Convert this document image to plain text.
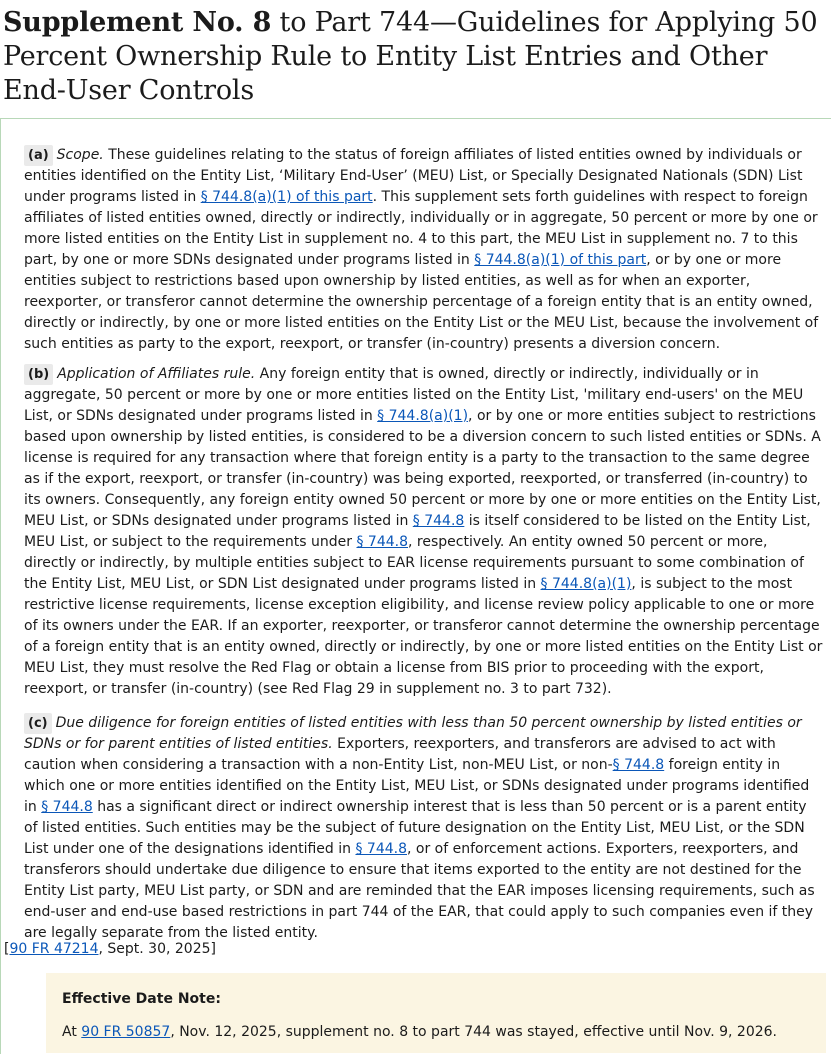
Supplement No. 8 to Part 744—Guidelines for Applying 50 Percent Ownership Rule to Entity List Entries and Other End-User Controls

(a) Scope. These guidelines relating to the status of foreign affiliates of listed entities owned by individuals or entities identified on the Entity List, ‘Military End-User’ (MEU) List, or Specially Designated Nationals (SDN) List under programs listed in § 744.8(a)(1) of this part. This supplement sets forth guidelines with respect to foreign affiliates of listed entities owned, directly or indirectly, individually or in aggregate, 50 percent or more by one or more listed entities on the Entity List in supplement no. 4 to this part, the MEU List in supplement no. 7 to this part, by one or more SDNs designated under programs listed in § 744.8(a)(1) of this part, or by one or more entities subject to restrictions based upon ownership by listed entities, as well as for when an exporter, reexporter, or transferor cannot determine the ownership percentage of a foreign entity that is an entity owned, directly or indirectly, by one or more listed entities on the Entity List or the MEU List, because the involvement of such entities as party to the export, reexport, or transfer (in-country) presents a diversion concern.

(b) Application of Affiliates rule. Any foreign entity that is owned, directly or indirectly, individually or in aggregate, 50 percent or more by one or more entities listed on the Entity List, 'military end-users' on the MEU List, or SDNs designated under programs listed in § 744.8(a)(1), or by one or more entities subject to restrictions based upon ownership by listed entities, is considered to be a diversion concern to such listed entities or SDNs. A license is required for any transaction where that foreign entity is a party to the transaction to the same degree as if the export, reexport, or transfer (in-country) was being exported, reexported, or transferred (in-country) to its owners. Consequently, any foreign entity owned 50 percent or more by one or more entities on the Entity List, MEU List, or SDNs designated under programs listed in § 744.8 is itself considered to be listed on the Entity List, MEU List, or subject to the requirements under § 744.8, respectively. An entity owned 50 percent or more, directly or indirectly, by multiple entities subject to EAR license requirements pursuant to some combination of the Entity List, MEU List, or SDN List designated under programs listed in § 744.8(a)(1), is subject to the most restrictive license requirements, license exception eligibility, and license review policy applicable to one or more of its owners under the EAR. If an exporter, reexporter, or transferor cannot determine the ownership percentage of a foreign entity that is an entity owned, directly or indirectly, by one or more listed entities on the Entity List or MEU List, they must resolve the Red Flag or obtain a license from BIS prior to proceeding with the export, reexport, or transfer (in-country) (see Red Flag 29 in supplement no. 3 to part 732).

(c) Due diligence for foreign entities of listed entities with less than 50 percent ownership by listed entities or SDNs or for parent entities of listed entities. Exporters, reexporters, and transferors are advised to act with caution when considering a transaction with a non-Entity List, non-MEU List, or non-§ 744.8 foreign entity in which one or more entities identified on the Entity List, MEU List, or SDNs designated under programs identified in § 744.8 has a significant direct or indirect ownership interest that is less than 50 percent or is a parent entity of listed entities. Such entities may be the subject of future designation on the Entity List, MEU List, or the SDN List under one of the designations identified in § 744.8, or of enforcement actions. Exporters, reexporters, and transferors should undertake due diligence to ensure that items exported to the entity are not destined for the Entity List party, MEU List party, or SDN and are reminded that the EAR imposes licensing requirements, such as end-user and end-use based restrictions in part 744 of the EAR, that could apply to such companies even if they are legally separate from the listed entity.

[90 FR 47214, Sept. 30, 2025]
Effective Date Note:
At 90 FR 50857, Nov. 12, 2025, supplement no. 8 to part 744 was stayed, effective until Nov. 9, 2026.
